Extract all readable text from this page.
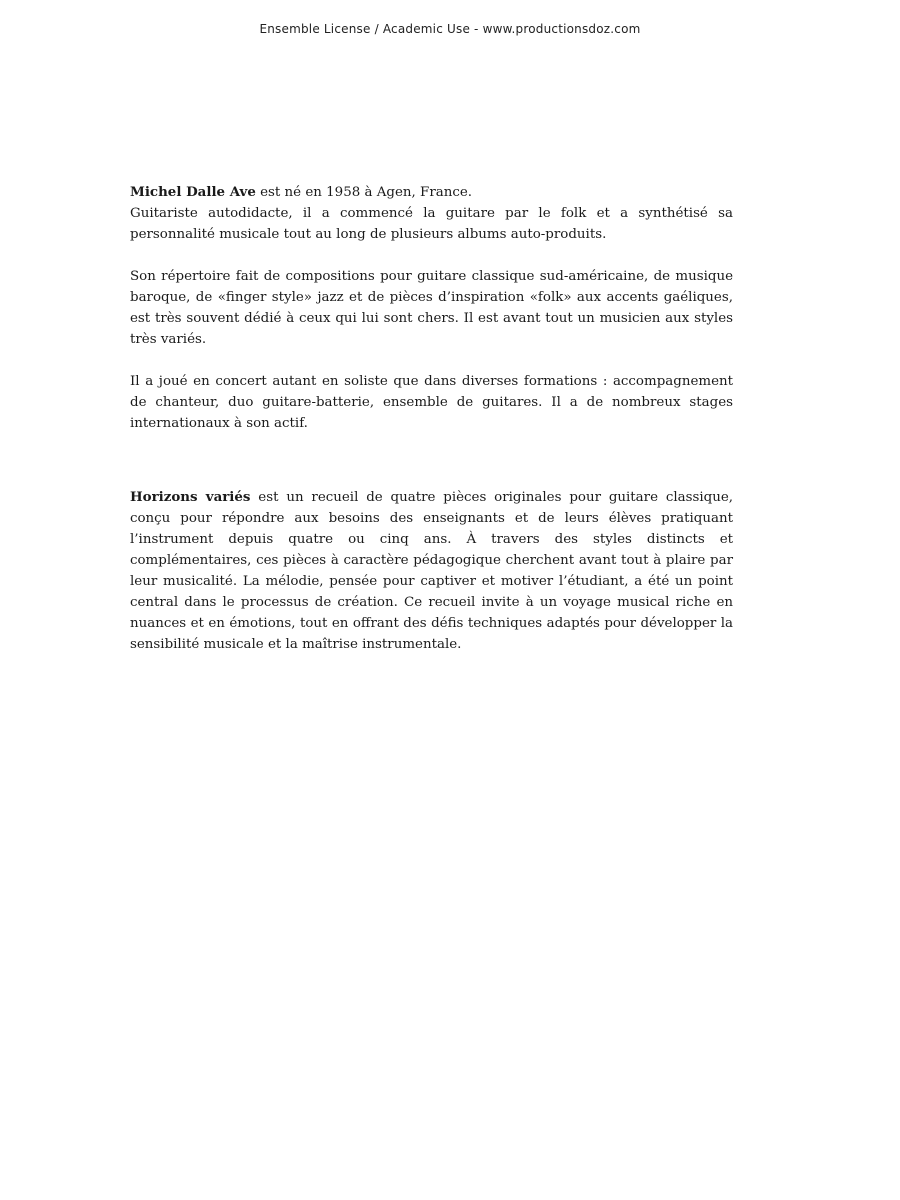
Ensemble License / Academic Use - www.productionsdoz.com

Michel Dalle Ave est né en 1958 à Agen, France.

Guitariste autodidacte, il a commencé la guitare par le folk et a synthétisé sa personnalité musicale tout au long de plusieurs albums auto-produits.

Son répertoire fait de compositions pour guitare classique sud-américaine, de musique baroque, de «finger style» jazz et de pièces d’inspiration «folk» aux accents gaéliques, est très souvent dédié à ceux qui lui sont chers. Il est avant tout un musicien aux styles très variés.

Il a joué en concert autant en soliste que dans diverses formations : accompagnement de chanteur, duo guitare-batterie, ensemble de guitares. Il a de nombreux stages internationaux à son actif.

Horizons variés est un recueil de quatre pièces originales pour guitare classique, conçu pour répondre aux besoins des enseignants et de leurs élèves pratiquant l’instrument depuis quatre ou cinq ans. À travers des styles distincts et complémentaires, ces pièces à caractère pédagogique cherchent avant tout à plaire par leur musicalité. La mélodie, pensée pour captiver et motiver l’étudiant, a été un point central dans le processus de création. Ce recueil invite à un voyage musical riche en nuances et en émotions, tout en offrant des défis techniques adaptés pour développer la sensibilité musicale et la maîtrise instrumentale.
